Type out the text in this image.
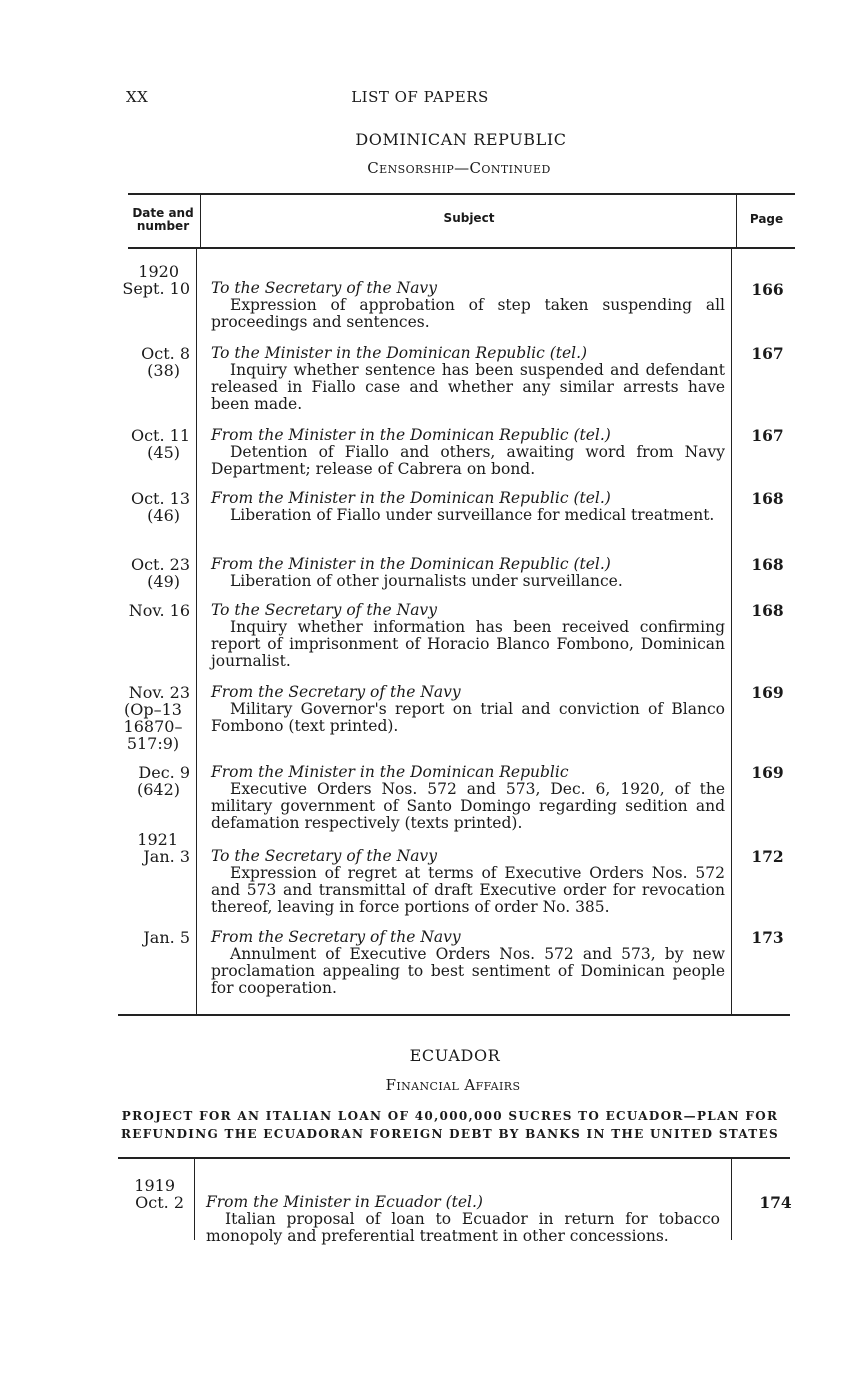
XX	LIST OF PAPERS
DOMINICAN REPUBLIC
Censorship—Continued
Date and number
Subject	Page
1920
Sept. 10 To the Secretary of the Navy
Expression of approbation of step taken suspending all proceedings and sentences.
166
Oct. 8
(38)
To the Minister in the Dominican Republic (tel.)
Inquiry whether sentence has been suspended and defendant released in Fiallo case and whether any similar arrests have been made.
167
Oct. 11
(45)
From the Minister in the Dominican Republic (tel.)
Detention of Fiallo and others, awaiting word from Navy Department; release of Cabrera on bond.
167
Oct. 13
(46)
From the Minister in the Dominican Republic (tel.)
Liberation of Fiallo under surveillance for medical treatment.
168
Oct. 23
(49)
From the Minister in the Dominican Republic (tel.)
Liberation of other journalists under surveillance.
168
Nov. 16 To the Secretary of the Navy
Inquiry whether information has been received confirming report of imprisonment of Horacio Blanco Fombono, Dominican journalist.
168
Nov. 23
(Op–13 16870–517:9)
From the Secretary of the Navy
Military Governor's report on trial and conviction of Blanco Fombono (text printed).
169
Dec. 9
(642)
From the Minister in the Dominican Republic
Executive Orders Nos. 572 and 573, Dec. 6, 1920, of the military government of Santo Domingo regarding sedition and defamation respectively (texts printed).
169
1921
Jan. 3 To the Secretary of the Navy
Expression of regret at terms of Executive Orders Nos. 572 and 573 and transmittal of draft Executive order for revocation thereof, leaving in force portions of order No. 385.
172
Jan. 5 From the Secretary of the Navy
Annulment of Executive Orders Nos. 572 and 573, by new proclamation appealing to best sentiment of Dominican people for cooperation.
173
ECUADOR
Financial Affairs
PROJECT FOR AN ITALIAN LOAN OF 40,000,000 SUCRES TO ECUADOR—PLAN FOR
REFUNDING THE ECUADORAN FOREIGN DEBT BY BANKS IN THE UNITED STATES
1919
Oct. 2 From the Minister in Ecuador (tel.)
Italian proposal of loan to Ecuador in return for tobacco monopoly and preferential treatment in other concessions.
174
